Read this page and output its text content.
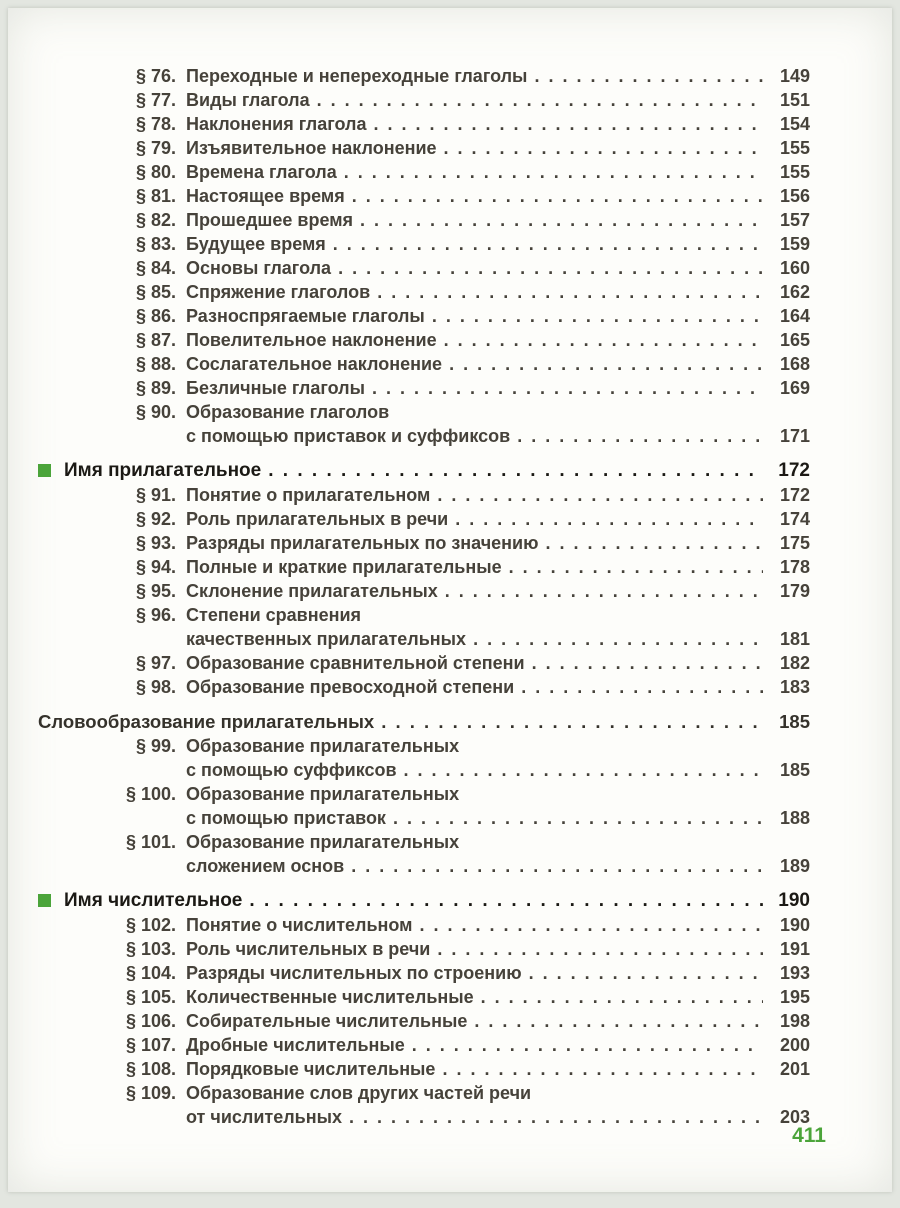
§ 76. Переходные и непереходные глаголы . . .	149
§ 77. Виды глагола . . .	151
§ 78. Наклонения глагола . . .	154
§ 79. Изъявительное наклонение . . .	155
§ 80. Времена глагола . . .	155
§ 81. Настоящее время . . .	156
§ 82. Прошедшее время . . .	157
§ 83. Будущее время . . .	159
§ 84. Основы глагола . . .	160
§ 85. Спряжение глаголов . . .	162
§ 86. Разноспрягаемые глаголы . . .	164
§ 87. Повелительное наклонение . . .	165
§ 88. Сослагательное наклонение . . .	168
§ 89. Безличные глаголы . . .	169
§ 90. Образование глаголов
с помощью приставок и суффиксов . . .	171
Имя прилагательное . . .	172
§ 91. Понятие о прилагательном . . .	172
§ 92. Роль прилагательных в речи . . .	174
§ 93. Разряды прилагательных по значению . . .	175
§ 94. Полные и краткие прилагательные . . .	178
§ 95. Склонение прилагательных . . .	179
§ 96. Степени сравнения
качественных прилагательных . . .	181
§ 97. Образование сравнительной степени . . .	182
§ 98. Образование превосходной степени . . .	183
Словообразование прилагательных . . .	185
§ 99. Образование прилагательных
с помощью суффиксов . . .	185
§ 100. Образование прилагательных
с помощью приставок . . .	188
§ 101. Образование прилагательных
сложением основ . . .	189
Имя числительное . . .	190
§ 102. Понятие о числительном . . .	190
§ 103. Роль числительных в речи . . .	191
§ 104. Разряды числительных по строению . . .	193
§ 105. Количественные числительные . . .	195
§ 106. Собирательные числительные . . .	198
§ 107. Дробные числительные . . .	200
§ 108. Порядковые числительные . . .	201
§ 109. Образование слов других частей речи
от числительных . . .	203
411
